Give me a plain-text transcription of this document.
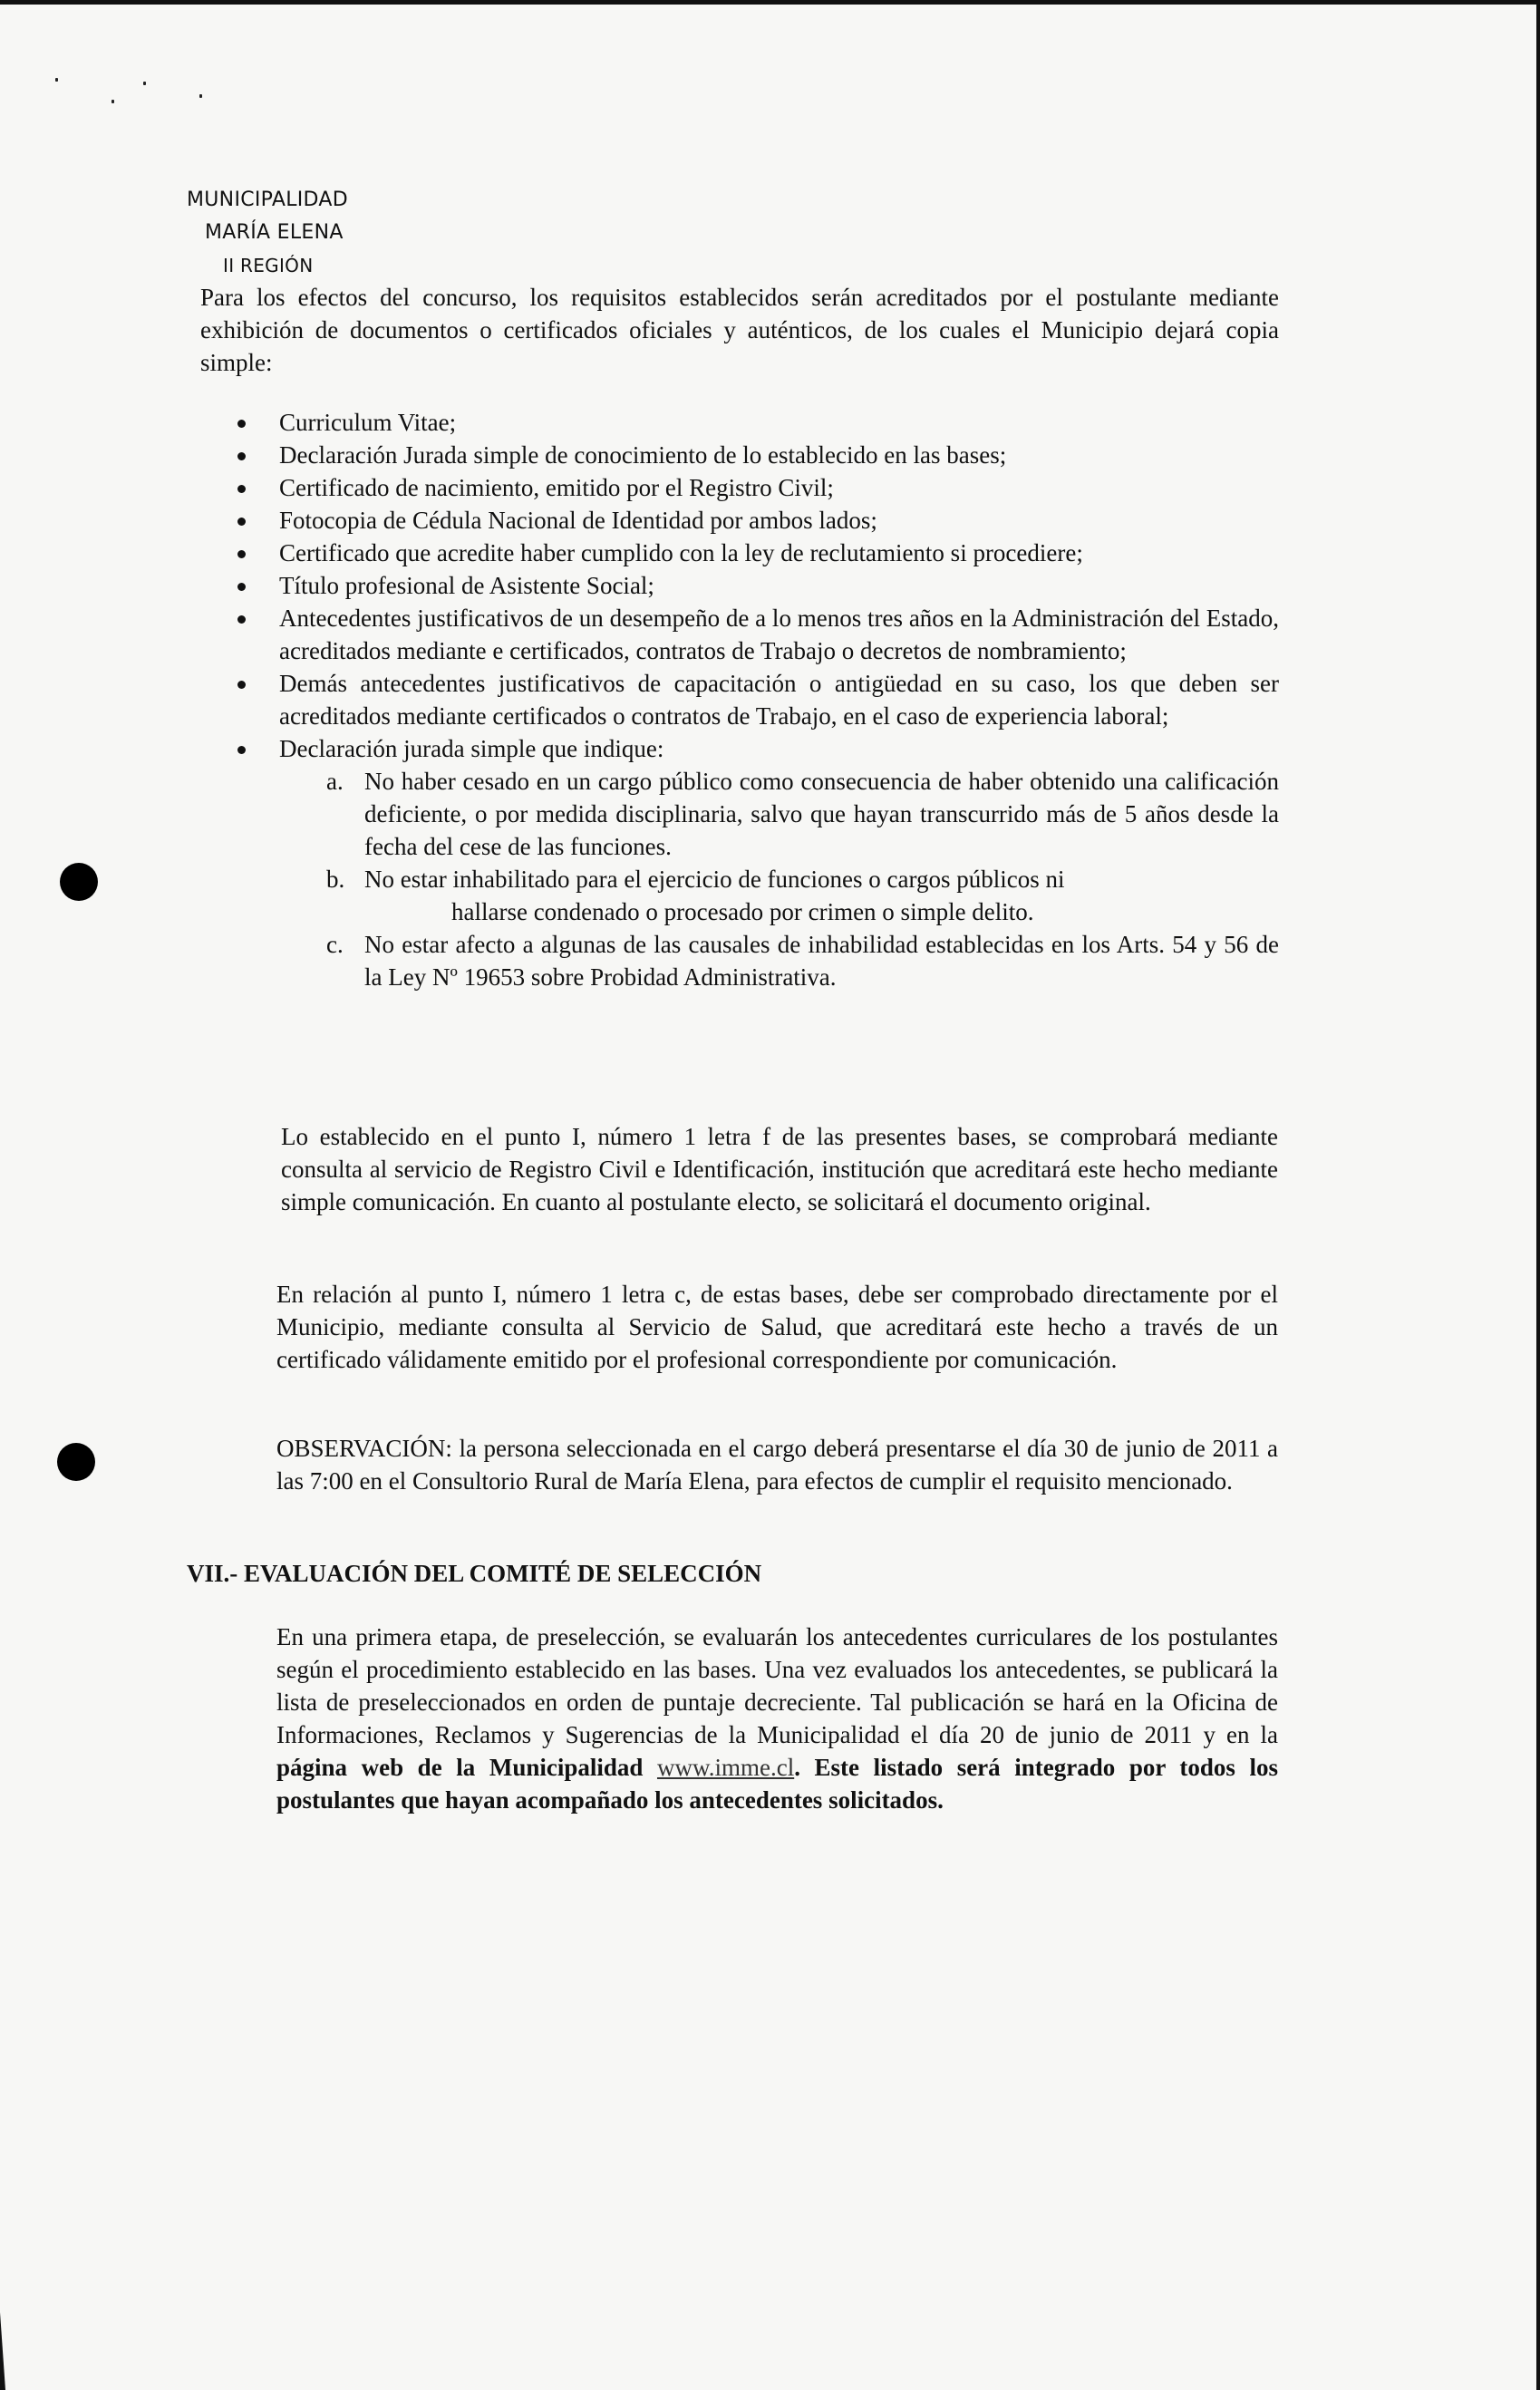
MUNICIPALIDAD
MARÍA ELENA
II REGIÓN
Para los efectos del concurso, los requisitos establecidos serán acreditados por el postulante mediante exhibición de documentos o certificados oficiales y auténticos, de los cuales el Municipio dejará copia simple:
Curriculum Vitae;
Declaración Jurada simple de conocimiento de lo establecido en las bases;
Certificado de nacimiento, emitido por el Registro Civil;
Fotocopia de Cédula Nacional de Identidad por ambos lados;
Certificado que acredite haber cumplido con la ley de reclutamiento si procediere;
Título profesional de Asistente Social;
Antecedentes justificativos de un desempeño de a lo menos tres años en la Administración del Estado, acreditados mediante e certificados, contratos de Trabajo o decretos de nombramiento;
Demás antecedentes justificativos de capacitación o antigüedad en su caso, los que deben ser acreditados mediante certificados o contratos de Trabajo, en el caso de experiencia laboral;
Declaración jurada simple que indique:
a. No haber cesado en un cargo público como consecuencia de haber obtenido una calificación deficiente, o por medida disciplinaria, salvo que hayan transcurrido más de 5 años desde la fecha del cese de las funciones.
b. No estar inhabilitado para el ejercicio de funciones o cargos públicos ni
hallarse condenado o procesado por crimen o simple delito.
c. No estar afecto a algunas de las causales de inhabilidad establecidas en los Arts. 54 y 56 de la Ley Nº 19653 sobre Probidad Administrativa.
Lo establecido en el punto I, número 1 letra f de las presentes bases, se comprobará mediante consulta al servicio de Registro Civil e Identificación, institución que acreditará este hecho mediante simple comunicación. En cuanto al postulante electo, se solicitará el documento original.
En relación al punto I, número 1 letra c, de estas bases, debe ser comprobado directamente por el Municipio, mediante consulta al Servicio de Salud, que acreditará este hecho a través de un certificado válidamente emitido por el profesional correspondiente por comunicación.
OBSERVACIÓN: la persona seleccionada en el cargo deberá presentarse el día 30 de junio de 2011 a las 7:00 en el Consultorio Rural de María Elena, para efectos de cumplir el requisito mencionado.
VII.- EVALUACIÓN DEL COMITÉ DE SELECCIÓN
En una primera etapa, de preselección, se evaluarán los antecedentes curriculares de los postulantes según el procedimiento establecido en las bases. Una vez evaluados los antecedentes, se publicará la lista de preseleccionados en orden de puntaje decreciente. Tal publicación se hará en la Oficina de Informaciones, Reclamos y Sugerencias de la Municipalidad el día 20 de junio de 2011 y en la página web de la Municipalidad www.imme.cl. Este listado será integrado por todos los postulantes que hayan acompañado los antecedentes solicitados.
